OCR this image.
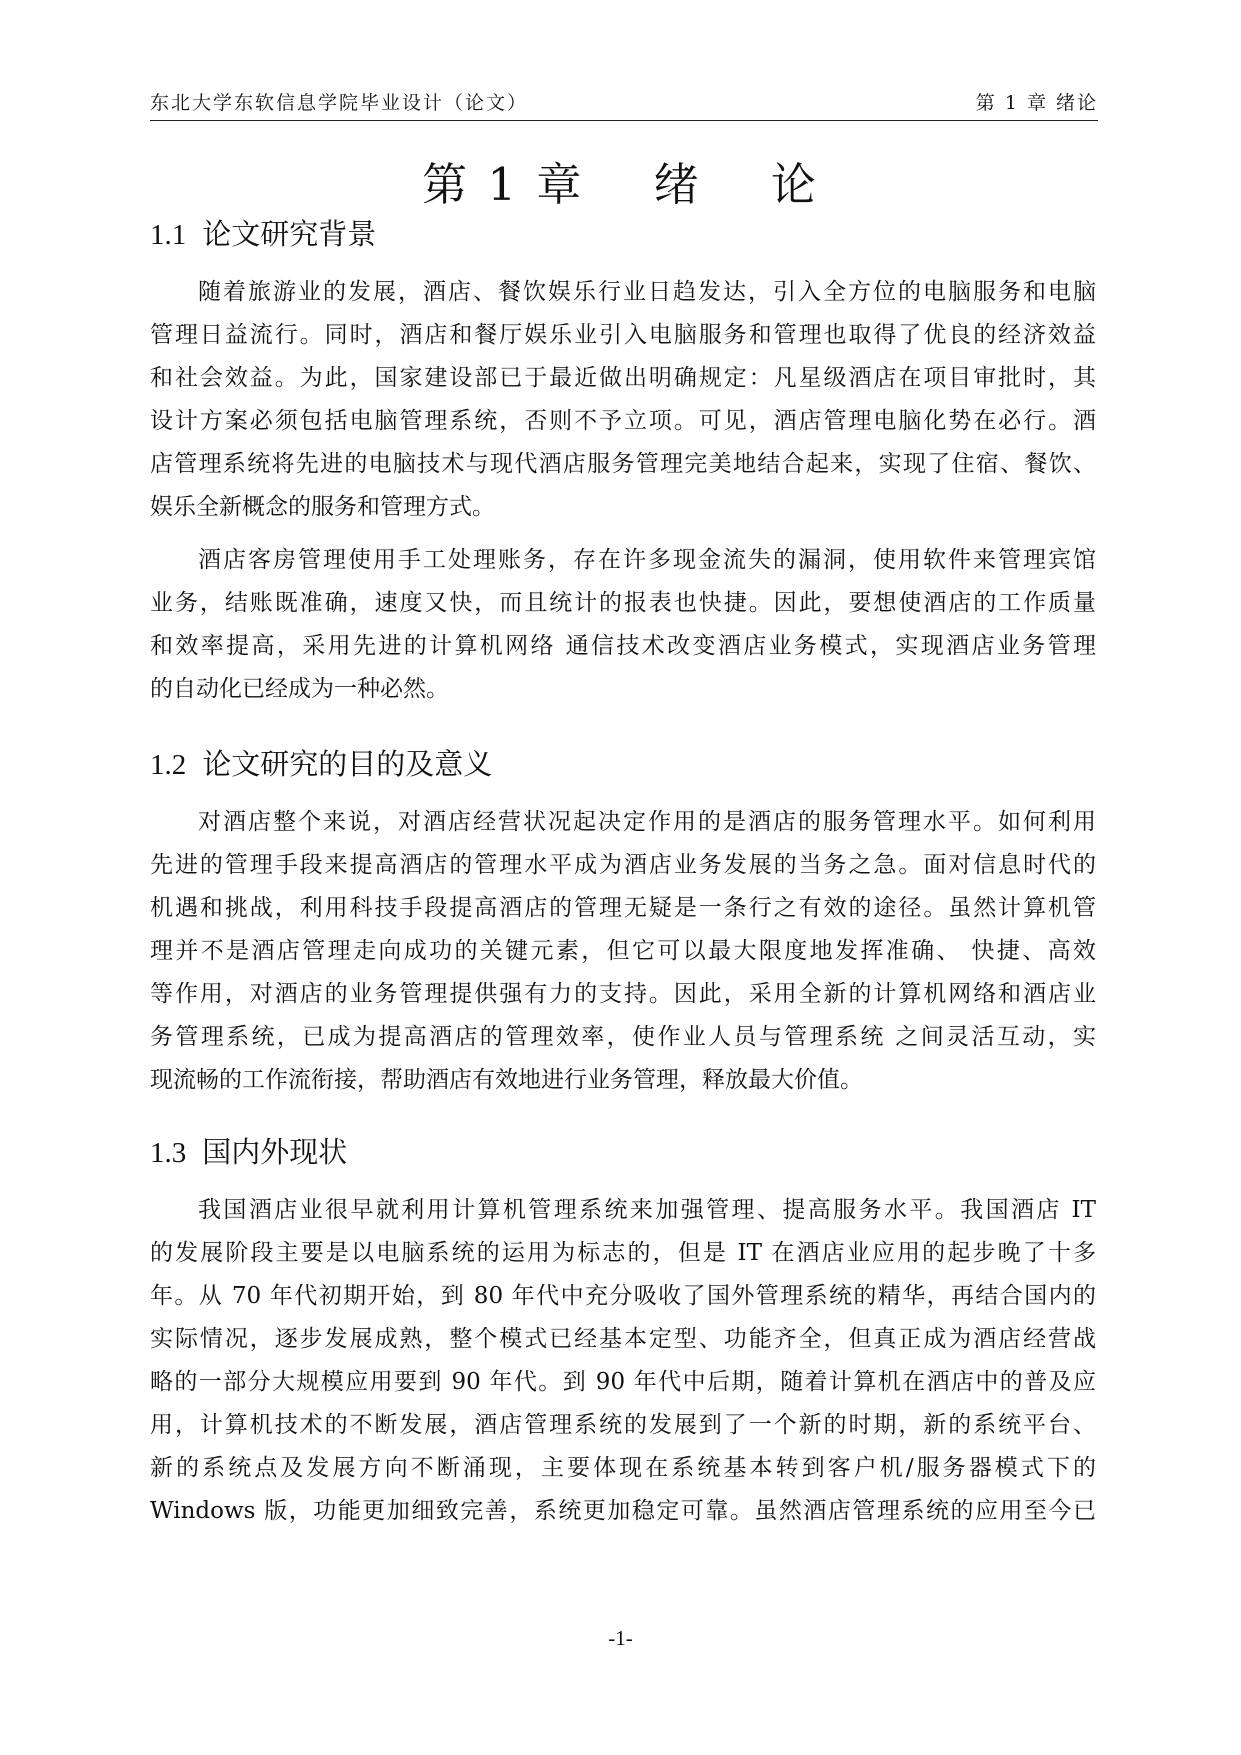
东北大学东软信息学院毕业设计（论文）	第 1 章 绪论
第 1 章    绪    论
1.1 论文研究背景
随着旅游业的发展，酒店、餐饮娱乐行业日趋发达，引入全方位的电脑服务和电脑
管理日益流行。同时，酒店和餐厅娱乐业引入电脑服务和管理也取得了优良的经济效益
和社会效益。为此，国家建设部已于最近做出明确规定：凡星级酒店在项目审批时，其
设计方案必须包括电脑管理系统，否则不予立项。可见，酒店管理电脑化势在必行。酒
店管理系统将先进的电脑技术与现代酒店服务管理完美地结合起来，实现了住宿、餐饮、
娱乐全新概念的服务和管理方式。
酒店客房管理使用手工处理账务，存在许多现金流失的漏洞，使用软件来管理宾馆
业务，结账既准确，速度又快，而且统计的报表也快捷。因此，要想使酒店的工作质量
和效率提高，采用先进的计算机网络 通信技术改变酒店业务模式，实现酒店业务管理
的自动化已经成为一种必然。
1.2 论文研究的目的及意义
对酒店整个来说，对酒店经营状况起决定作用的是酒店的服务管理水平。如何利用
先进的管理手段来提高酒店的管理水平成为酒店业务发展的当务之急。面对信息时代的
机遇和挑战，利用科技手段提高酒店的管理无疑是一条行之有效的途径。虽然计算机管
理并不是酒店管理走向成功的关键元素，但它可以最大限度地发挥准确、 快捷、高效
等作用，对酒店的业务管理提供强有力的支持。因此，采用全新的计算机网络和酒店业
务管理系统，已成为提高酒店的管理效率，使作业人员与管理系统 之间灵活互动，实
现流畅的工作流衔接，帮助酒店有效地进行业务管理，释放最大价值。
1.3 国内外现状
我国酒店业很早就利用计算机管理系统来加强管理、提高服务水平。我国酒店 IT
的发展阶段主要是以电脑系统的运用为标志的，但是 IT 在酒店业应用的起步晚了十多
年。从 70 年代初期开始，到 80 年代中充分吸收了国外管理系统的精华，再结合国内的
实际情况，逐步发展成熟，整个模式已经基本定型、功能齐全，但真正成为酒店经营战
略的一部分大规模应用要到 90 年代。到 90 年代中后期，随着计算机在酒店中的普及应
用，计算机技术的不断发展，酒店管理系统的发展到了一个新的时期，新的系统平台、
新的系统点及发展方向不断涌现，主要体现在系统基本转到客户机/服务器模式下的
Windows 版，功能更加细致完善，系统更加稳定可靠。虽然酒店管理系统的应用至今已
-1-
